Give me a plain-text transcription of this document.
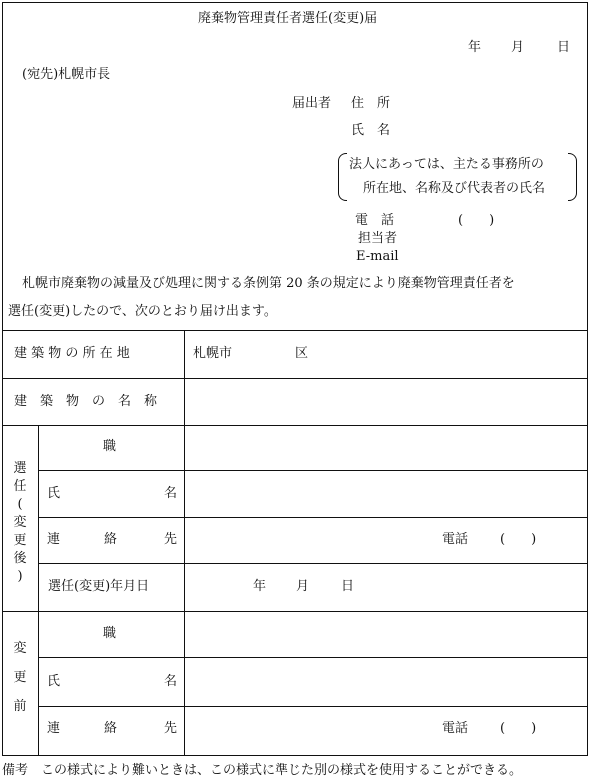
廃棄物管理責任者選任(変更)届
年 月	日
(宛先)札幌市長
届出者 住　所
氏　名
法人にあっては、主たる事務所の
所在地、名称及び代表者の氏名
電　話	(　　)
担当者
E-mail
札幌市廃棄物の減量及び処理に関する条例第 20 条の規定により廃棄物管理責任者を
選任(変更)したので、次のとおり届け出ます。
建 築 物 の 所 在 地	札幌市	区
建　築　物　の　名　称
選
任
(
変
更
後
)
職
氏	名
連	絡	先	電話 (　　)
選任(変更)年月日	年 月 日
変
更
前
職
氏	名
連	絡	先	電話 (　　)
備考　この様式により難いときは、この様式に準じた別の様式を使用することができる。
